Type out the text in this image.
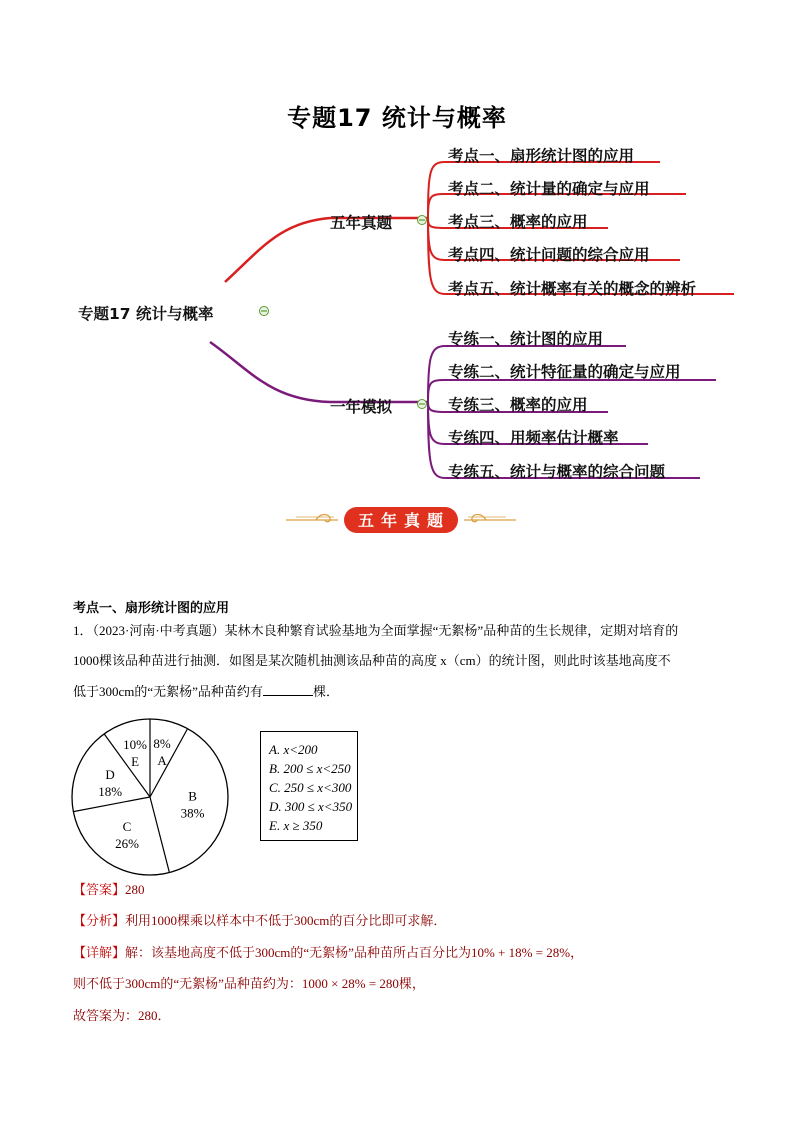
专题17 统计与概率
专题17 统计与概率
五年真题
一年模拟
考点一、扇形统计图的应用
考点二、统计量的确定与应用
考点三、概率的应用
考点四、统计问题的综合应用
考点五、统计概率有关的概念的辨析
专练一、统计图的应用
专练二、统计特征量的确定与应用
专练三、概率的应用
专练四、用频率估计概率
专练五、统计与概率的综合问题
五 年 真 题
考点一、扇形统计图的应用
1．（2023·河南·中考真题）某林木良种繁育试验基地为全面掌握“无絮杨”品种苗的生长规律，定期对培育的
1000棵该品种苗进行抽测．如图是某次随机抽测该品种苗的高度 x（cm）的统计图，则此时该基地高度不
低于300cm的“无絮杨”品种苗约有	棵．
8%
A
B
38%
C
26%
D
18%
10%
E
A. x<200
B. 200 ≤ x<250
C. 250 ≤ x<300
D. 300 ≤ x<350
E. x ≥ 350
【答案】280
【分析】利用1000棵乘以样本中不低于300cm的百分比即可求解．
【详解】解：该基地高度不低于300cm的“无絮杨”品种苗所占百分比为10% + 18% = 28%，
则不低于300cm的“无絮杨”品种苗约为：1000 × 28% = 280棵，
故答案为：280．
